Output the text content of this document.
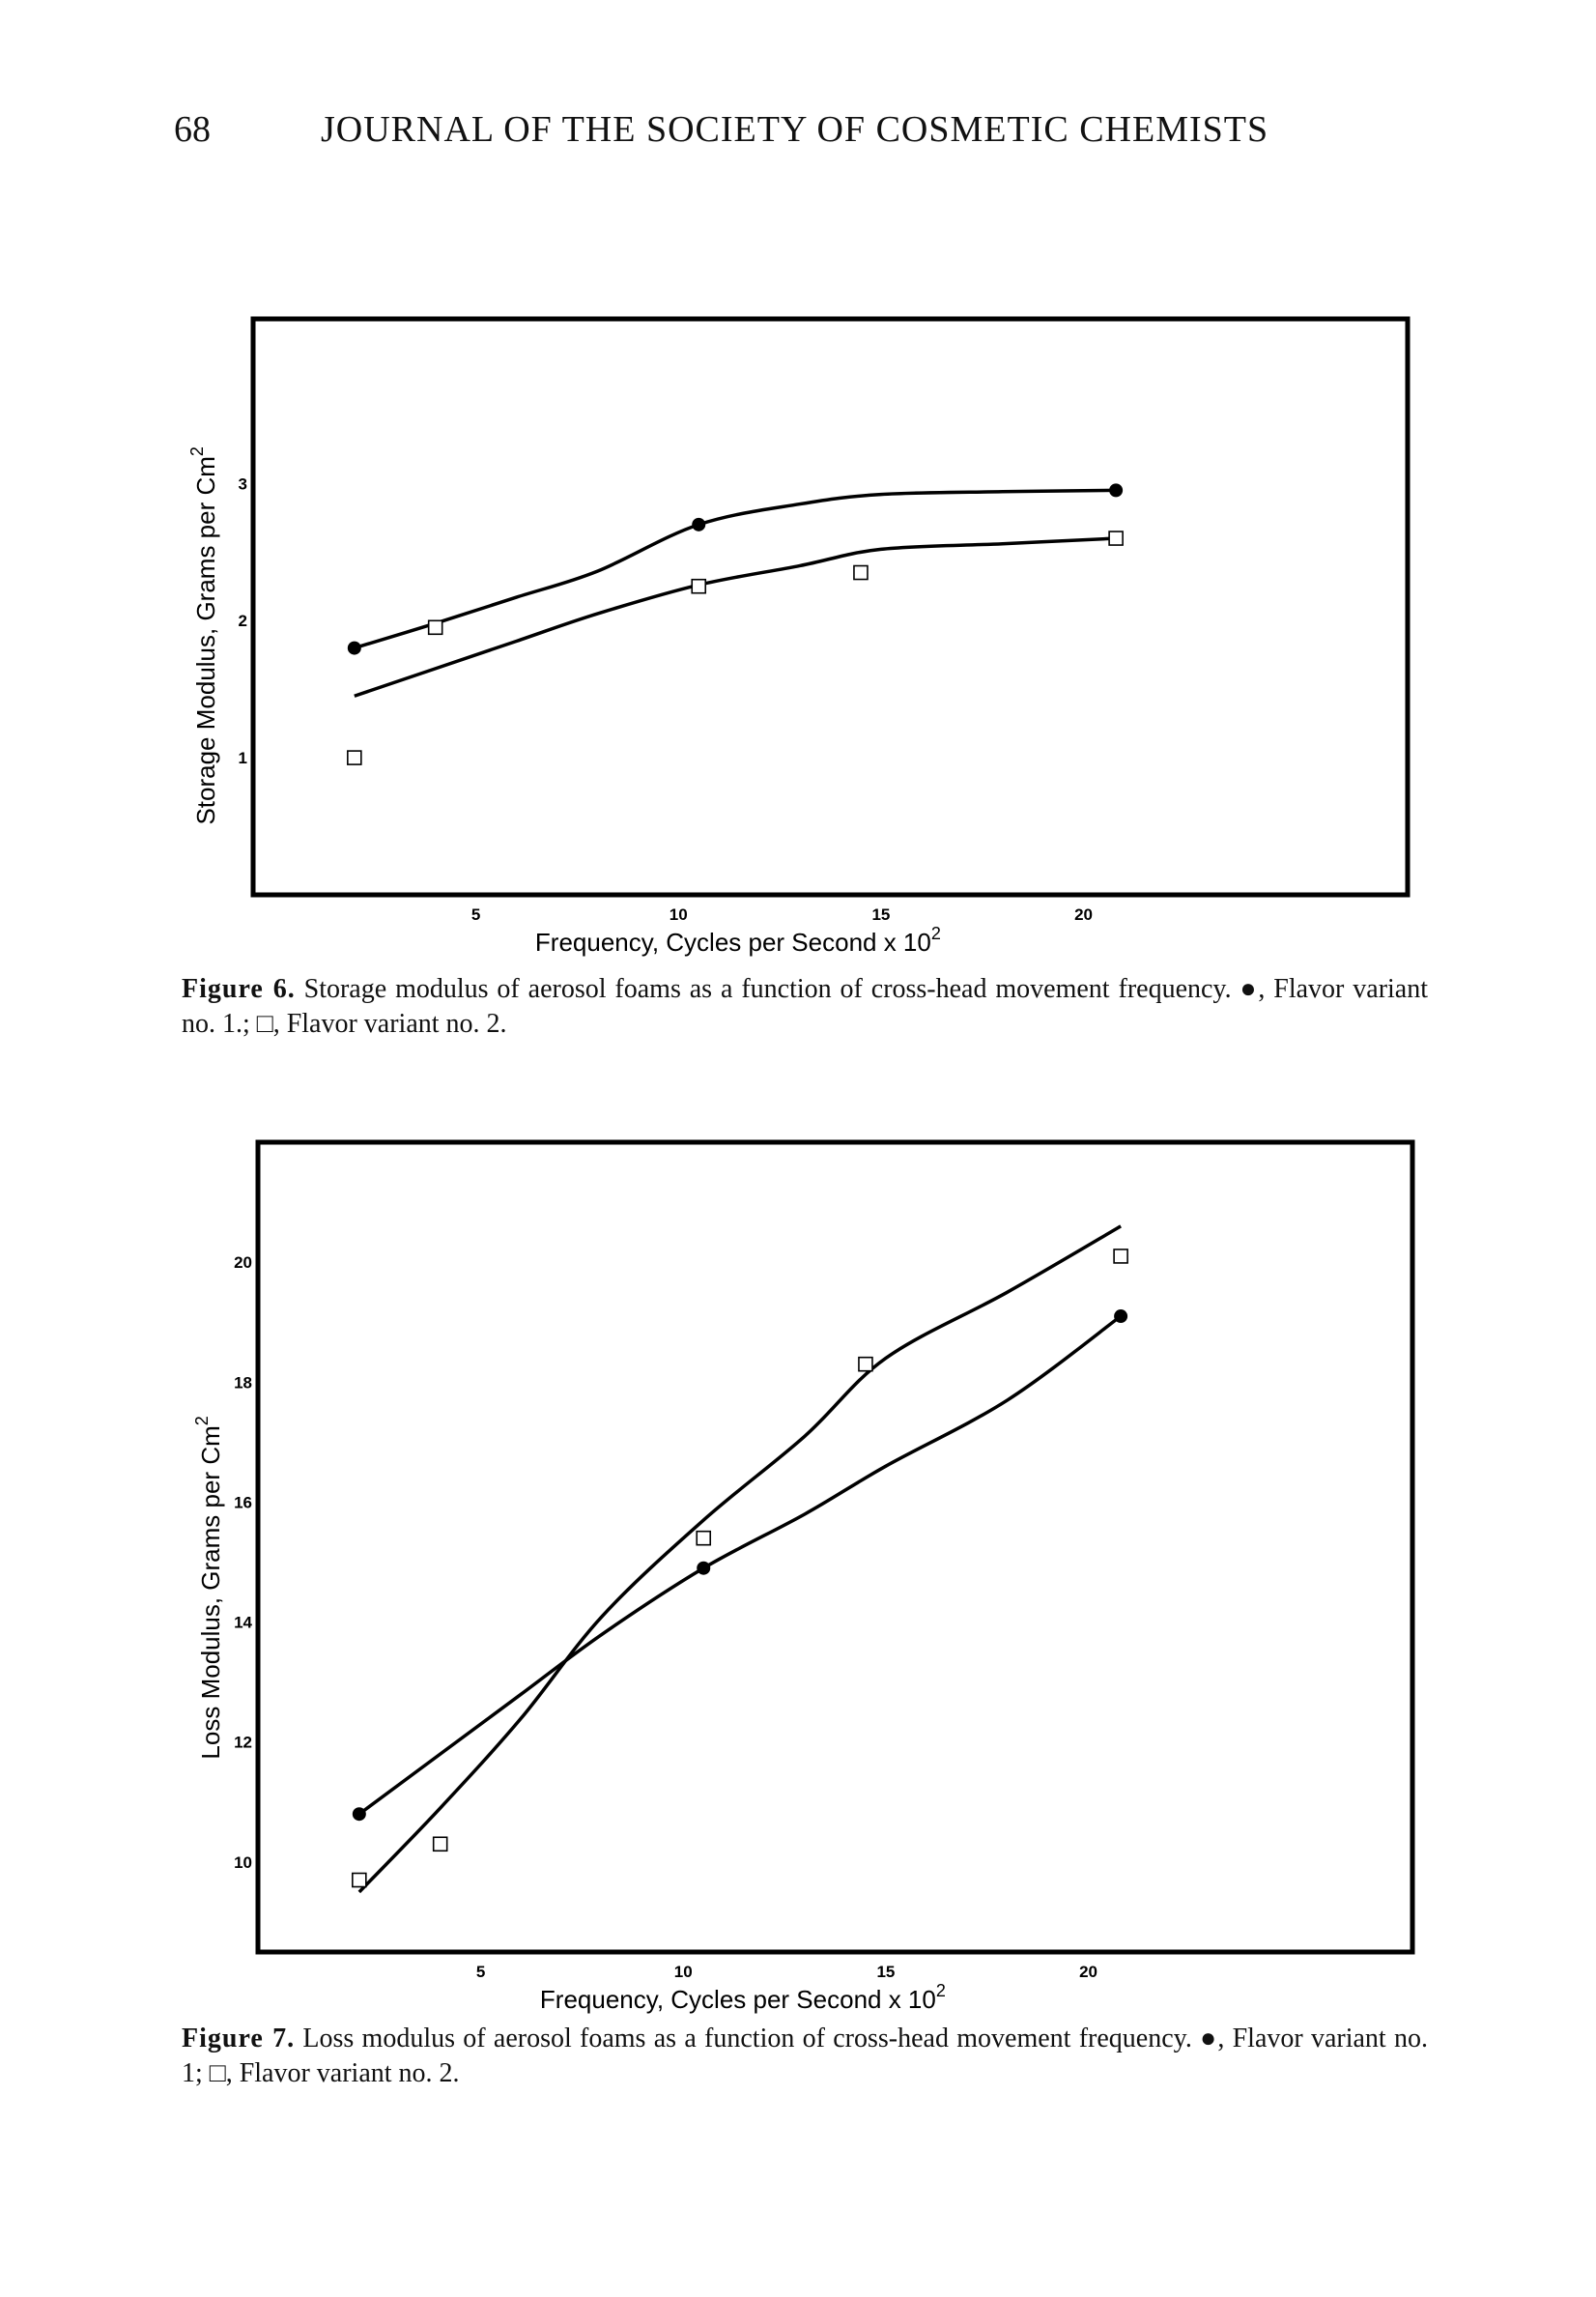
68	JOURNAL OF THE SOCIETY OF COSMETIC CHEMISTS
5	10	15	20
1
2
3
Frequency, Cycles per Second x $10^2$
Storage Modulus, Grams per Cm$^2$
Figure 6. Storage modulus of aerosol foams as a function of cross-head movement frequency. ●, Flavor variant no. 1.; □, Flavor variant no. 2.
5	10	15	20
10
12
14
16
18
20
Frequency, Cycles per Second x $10^2$
Loss Modulus, Grams per Cm$^2$
Figure 7. Loss modulus of aerosol foams as a function of cross-head movement frequency. ●, Flavor variant no. 1; □, Flavor variant no. 2.
